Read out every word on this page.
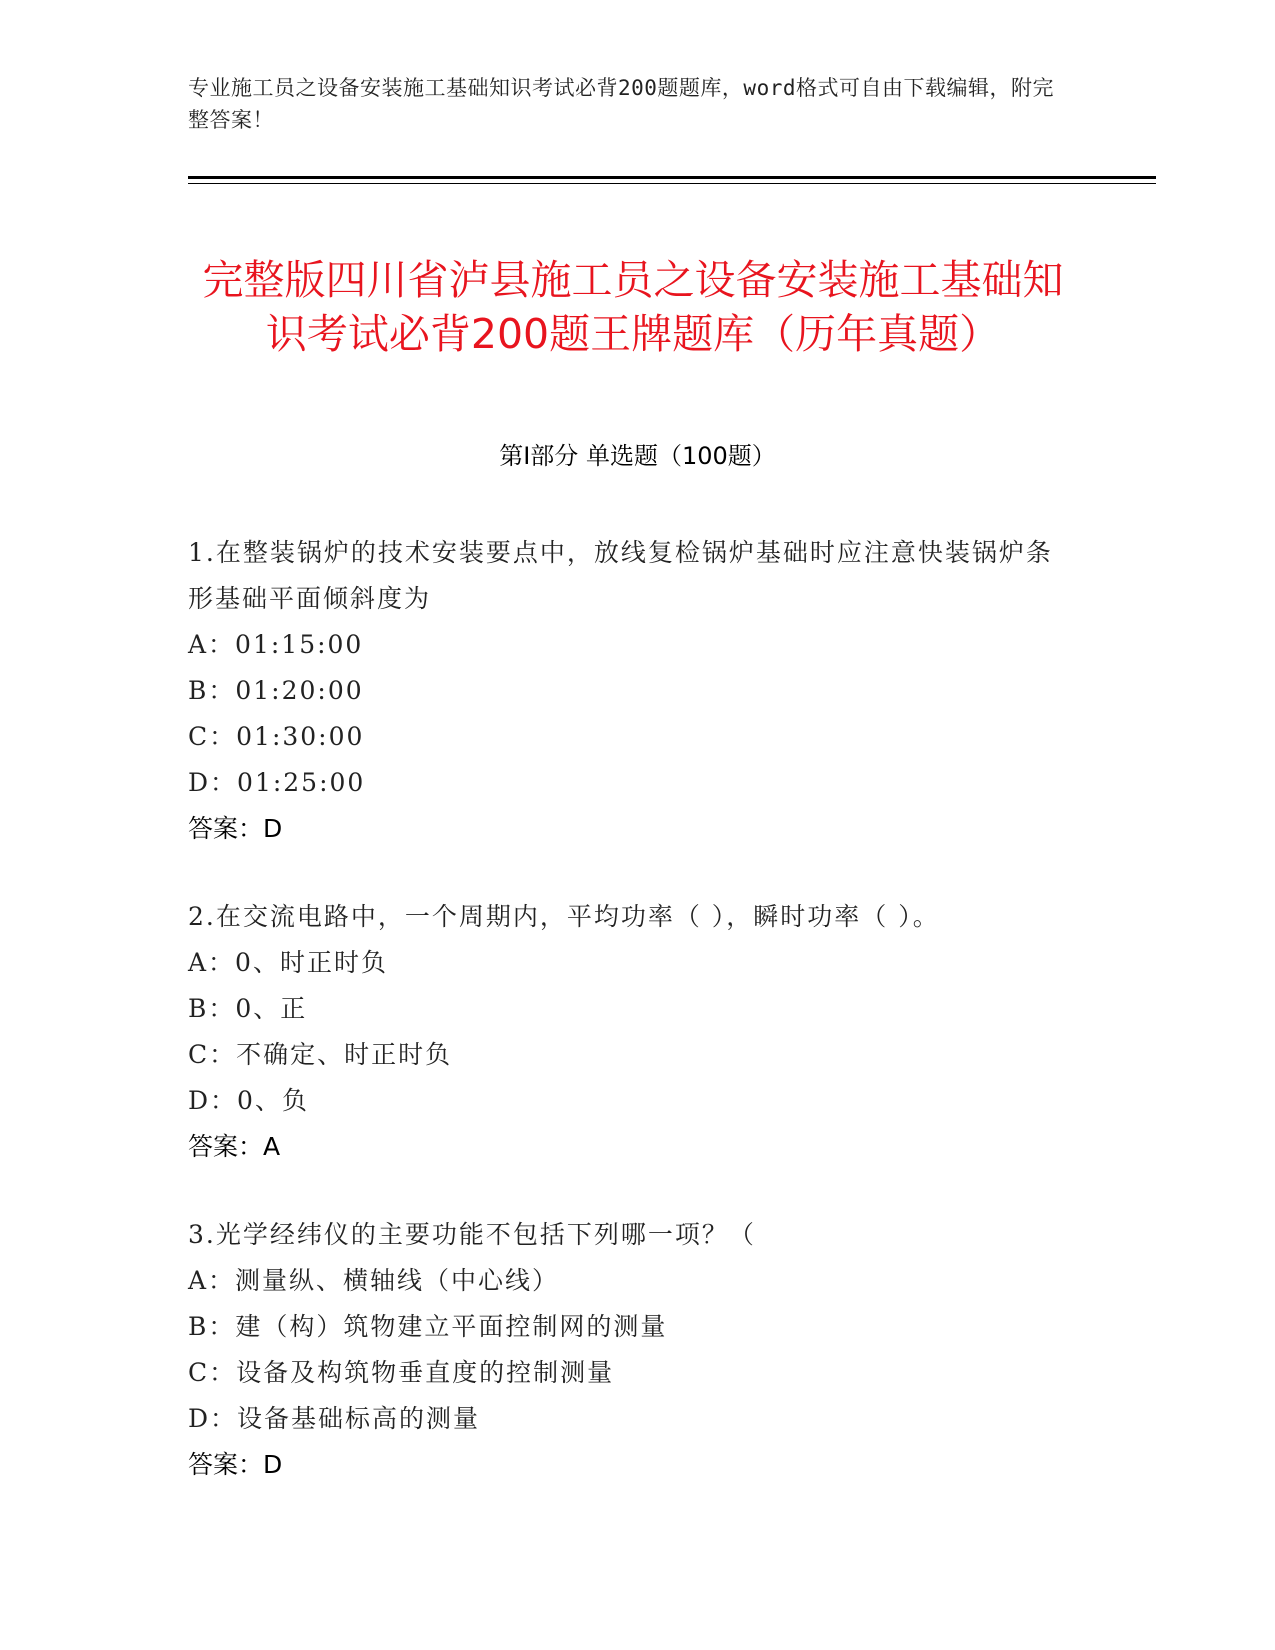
专业施工员之设备安装施工基础知识考试必背200题题库，word格式可自由下载编辑，附完整答案！
完整版四川省泸县施工员之设备安装施工基础知识考试必背200题王牌题库（历年真题）
第I部分 单选题（100题）

1.在整装锅炉的技术安装要点中，放线复检锅炉基础时应注意快装锅炉条形基础平面倾斜度为

A：01:15:00

B：01:20:00

C：01:30:00

D：01:25:00

答案：D

2.在交流电路中，一个周期内，平均功率（ ），瞬时功率（ ）。

A：0、时正时负

B：0、正

C：不确定、时正时负

D：0、负

答案：A

3.光学经纬仪的主要功能不包括下列哪一项？（

A：测量纵、横轴线（中心线）

B：建（构）筑物建立平面控制网的测量

C：设备及构筑物垂直度的控制测量

D：设备基础标高的测量

答案：D
